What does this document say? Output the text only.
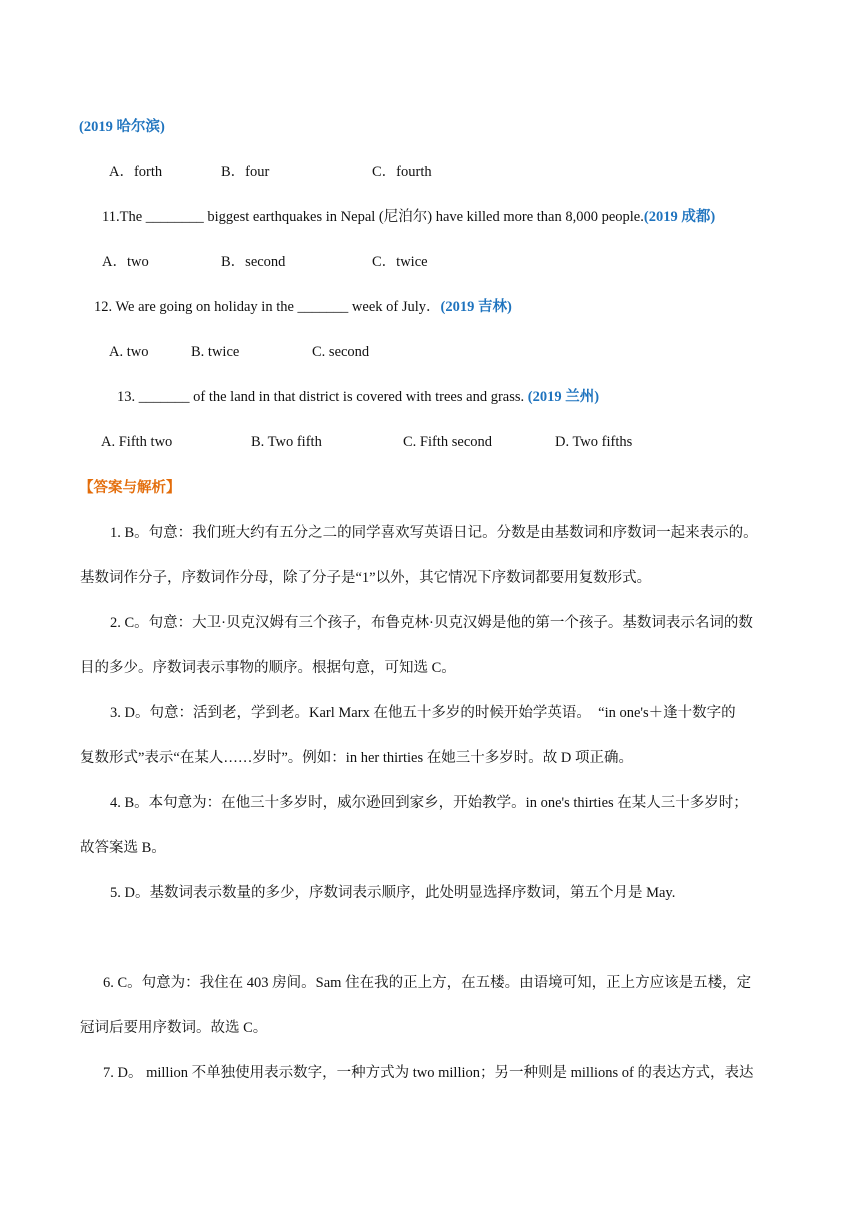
(2019 哈尔滨)
A．forth	B．four	C．fourth
11.The ________ biggest earthquakes in Nepal (尼泊尔) have killed more than 8,000 people.(2019 成都)
A．two	B．second	C．twice
12. We are going on holiday in the _______ week of July．(2019 吉林)
A. two	B. twice	C. second
13. _______ of the land in that district is covered with trees and grass. (2019 兰州)
A. Fifth two	B. Two fifth	C. Fifth second	D. Two fifths
【答案与解析】
1. B。句意：我们班大约有五分之二的同学喜欢写英语日记。分数是由基数词和序数词一起来表示的。
基数词作分子，序数词作分母，除了分子是“1”以外，其它情况下序数词都要用复数形式。
2. C。句意：大卫·贝克汉姆有三个孩子，布鲁克林·贝克汉姆是他的第一个孩子。基数词表示名词的数
目的多少。序数词表示事物的顺序。根据句意，可知选 C。
3. D。句意：活到老，学到老。Karl Marx 在他五十多岁的时候开始学英语。　“in one's＋逢十数字的
复数形式”表示“在某人……岁时”。例如：in her thirties 在她三十多岁时。故 D 项正确。
4. B。本句意为：在他三十多岁时，威尔逊回到家乡，开始教学。in one's thirties 在某人三十多岁时；
故答案选 B。
5. D。基数词表示数量的多少，序数词表示顺序，此处明显选择序数词，第五个月是 May.
6. C。句意为：我住在 403 房间。Sam 住在我的正上方，在五楼。由语境可知，正上方应该是五楼，定
冠词后要用序数词。故选 C。
7. D。 million 不单独使用表示数字，一种方式为 two million；另一种则是 millions of 的表达方式，表达
